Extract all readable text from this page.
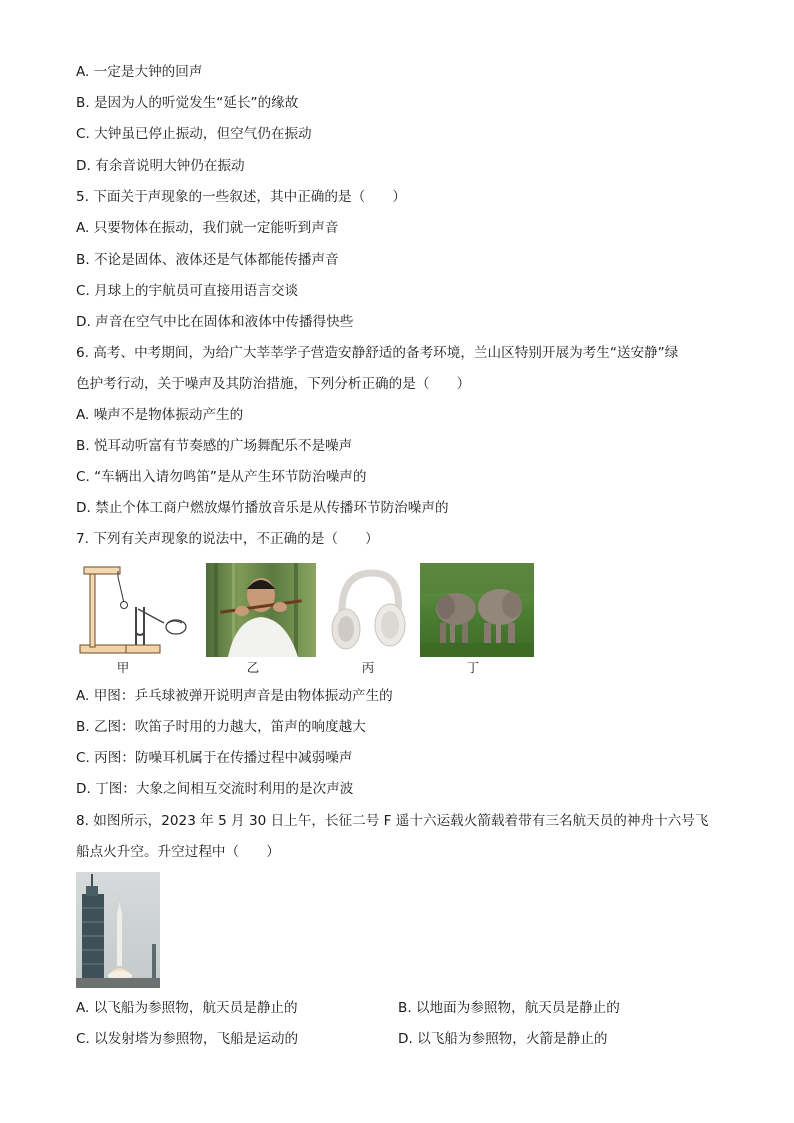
A. 一定是大钟的回声
B. 是因为人的听觉发生“延长”的缘故
C. 大钟虽已停止振动，但空气仍在振动
D. 有余音说明大钟仍在振动
5. 下面关于声现象的一些叙述，其中正确的是（　　）
A. 只要物体在振动，我们就一定能听到声音
B. 不论是固体、液体还是气体都能传播声音
C. 月球上的宇航员可直接用语言交谈
D. 声音在空气中比在固体和液体中传播得快些
6. 高考、中考期间，为给广大莘莘学子营造安静舒适的备考环境，兰山区特别开展为考生“送安静”绿
色护考行动，关于噪声及其防治措施，下列分析正确的是（　　）
A. 噪声不是物体振动产生的
B. 悦耳动听富有节奏感的广场舞配乐不是噪声
C. “车辆出入请勿鸣笛”是从产生环节防治噪声的
D. 禁止个体工商户燃放爆竹播放音乐是从传播环节防治噪声的
7. 下列有关声现象的说法中，不正确的是（　　）
甲	乙	丙	丁
A. 甲图：乒乓球被弹开说明声音是由物体振动产生的
B. 乙图：吹笛子时用的力越大，笛声的响度越大
C. 丙图：防噪耳机属于在传播过程中减弱噪声
D. 丁图：大象之间相互交流时利用的是次声波
8. 如图所示，2023 年 5 月 30 日上午，长征二号 F 遥十六运载火箭载着带有三名航天员的神舟十六号飞
船点火升空。升空过程中（　　）
A. 以飞船为参照物，航天员是静止的	B. 以地面为参照物，航天员是静止的
C. 以发射塔为参照物，飞船是运动的	D. 以飞船为参照物，火箭是静止的
